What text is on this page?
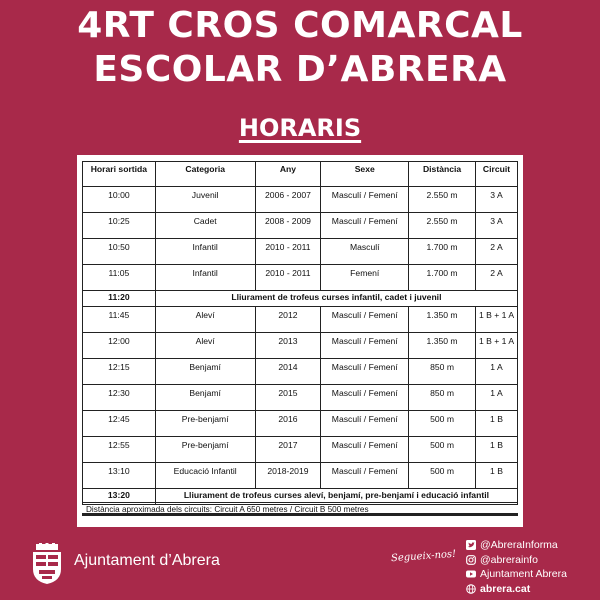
4RT CROS COMARCAL
ESCOLAR D’ABRERA
HORARIS
Horari sortida	Categoria	Any	Sexe	Distància	Circuit
10:00	Juvenil	2006 - 2007	Masculí / Femení	2.550 m	3 A
10:25	Cadet	2008 - 2009	Masculí / Femení	2.550 m	3 A
10:50	Infantil	2010 - 2011	Masculí	1.700 m	2 A
11:05	Infantil	2010 - 2011	Femení	1.700 m	2 A
11:20	Lliurament de trofeus curses infantil, cadet i juvenil				
11:45	Aleví	2012	Masculí / Femení	1.350 m	1 B + 1 A
12:00	Aleví	2013	Masculí / Femení	1.350 m	1 B + 1 A
12:15	Benjamí	2014	Masculí / Femení	850 m	1 A
12:30	Benjamí	2015	Masculí / Femení	850 m	1 A
12:45	Pre-benjamí	2016	Masculí / Femení	500 m	1 B
12:55	Pre-benjamí	2017	Masculí / Femení	500 m	1 B
13:10	Educació Infantil	2018-2019	Masculí / Femení	500 m	1 B
13:20	Lliurament de trofeus curses aleví, benjamí, pre-benjamí i educació infantil				
Distància aproximada dels circuits: Circuit A 650 metres / Circuit B 500 metres
Ajuntament d’Abrera	Segueix-nos!
@AbreraInforma
@abrerainfo
Ajuntament Abrera
abrera.cat
